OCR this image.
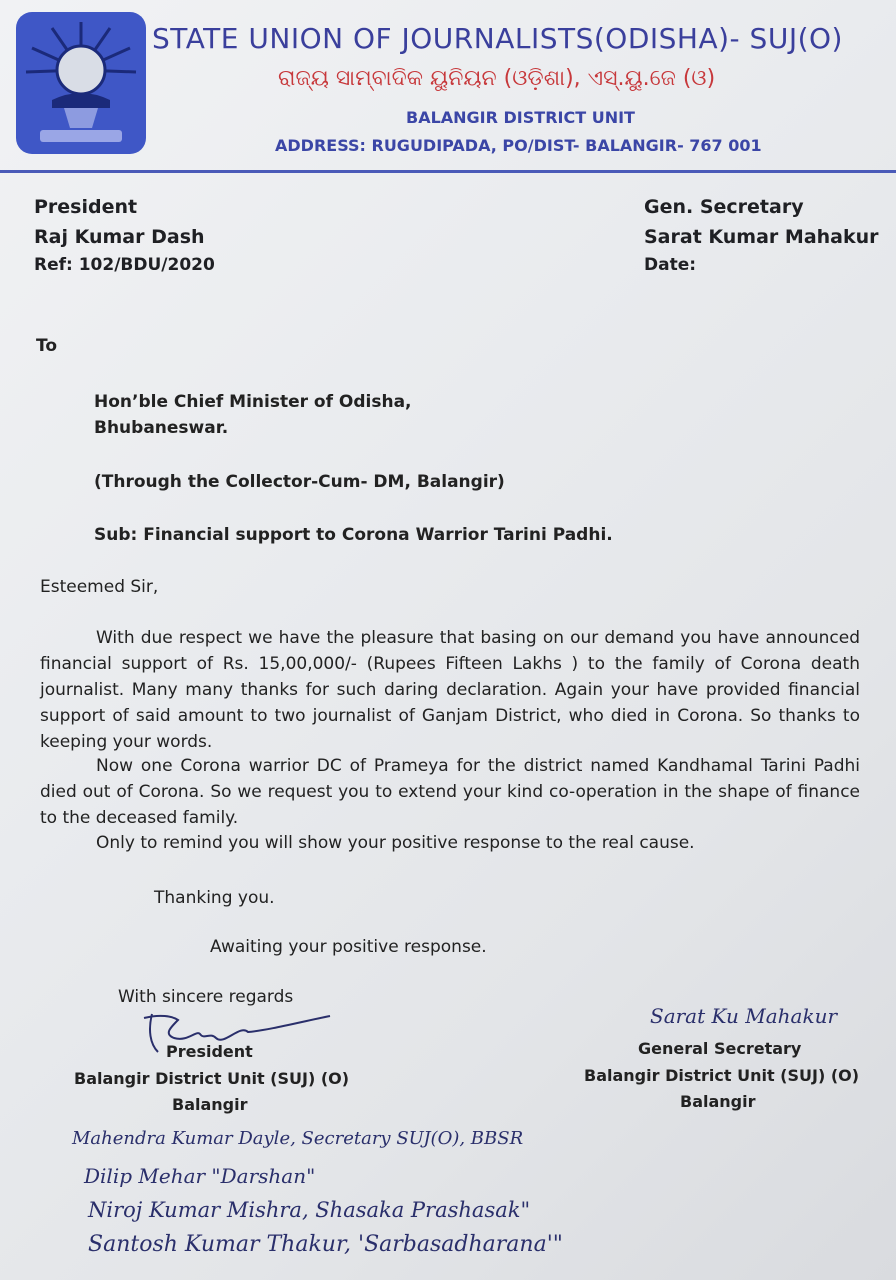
STATE UNION OF JOURNALISTS(ODISHA)- SUJ(O)
ରାଜ୍ୟ ସାମ୍ବାଦିକ ୟୁନିୟନ (ଓଡ଼ିଶା), ଏସ୍.ୟୁ.ଜେ (ଓ)
BALANGIR DISTRICT UNIT
ADDRESS: RUGUDIPADA, PO/DIST- BALANGIR- 767 001
President
Raj Kumar Dash
Ref: 102/BDU/2020
Gen. Secretary
Sarat Kumar Mahakur
Date:
To
Hon’ble Chief Minister of Odisha,
Bhubaneswar.
(Through the Collector-Cum- DM, Balangir)
Sub: Financial support to Corona Warrior Tarini Padhi.
Esteemed Sir,

With due respect we have the pleasure that basing on our demand you have announced financial support of Rs. 15,00,000/- (Rupees Fifteen Lakhs ) to the family of Corona death journalist. Many many thanks for such daring declaration. Again your have provided financial support of said amount to two journalist of Ganjam District, who died in Corona. So thanks to keeping your words.

Now one Corona warrior DC of Prameya for the district named Kandhamal Tarini Padhi died out of Corona. So we request you to extend your kind co-operation in the shape of finance to the deceased family.

Only to remind you will show your positive response to the real cause.

Thanking you.
Awaiting your positive response.
With sincere regards
President
Balangir District Unit (SUJ) (O)
Balangir
Sarat Ku Mahakur
General Secretary
Balangir District Unit (SUJ) (O)
Balangir
Mahendra Kumar Dayle, Secretary SUJ(O), BBSR
Dilip Mehar "Darshan"
Niroj Kumar Mishra, Shasaka Prashasak"
Santosh Kumar Thakur, 'Sarbasadharana'"
